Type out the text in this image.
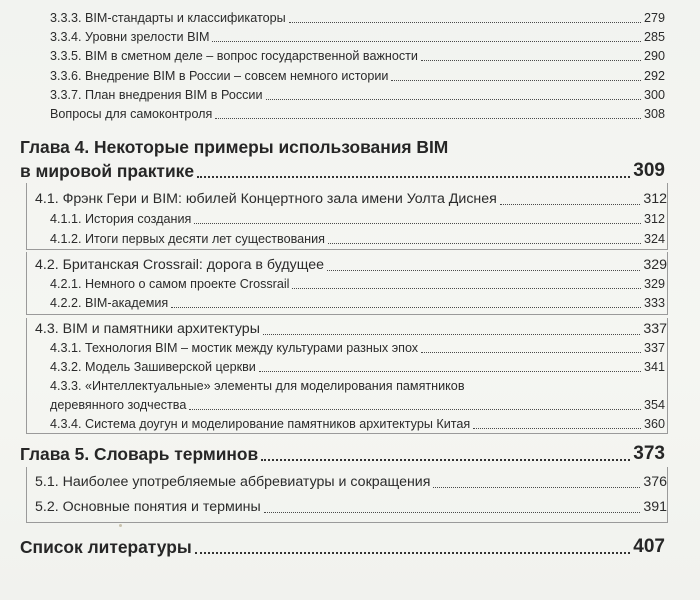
3.3.3. BIM-стандарты и классификаторы	279
3.3.4. Уровни зрелости BIM	285
3.3.5. BIM в сметном деле – вопрос государственной важности	290
3.3.6. Внедрение BIM в России – совсем немного истории	292
3.3.7. План внедрения BIM в России	300
Вопросы для самоконтроля	308
Глава 4. Некоторые примеры использования BIM
в мировой практике	309
4.1. Фрэнк Гери и BIM: юбилей Концертного зала имени Уолта Диснея	312
4.1.1. История создания	312
4.1.2. Итоги первых десяти лет существования	324
4.2. Британская Crossrail: дорога в будущее	329
4.2.1. Немного о самом проекте Crossrail	329
4.2.2. BIM-академия	333
4.3. BIM и памятники архитектуры	337
4.3.1. Технология BIM – мостик между культурами разных эпох	337
4.3.2. Модель Зашиверской церкви	341
4.3.3. «Интеллектуальные» элементы для моделирования памятников
деревянного зодчества	354
4.3.4. Система доугун и моделирование памятников архитектуры Китая	360
Глава 5. Словарь терминов	373
5.1. Наиболее употребляемые аббревиатуры и сокращения	376
5.2. Основные понятия и термины	391
Список литературы	407
